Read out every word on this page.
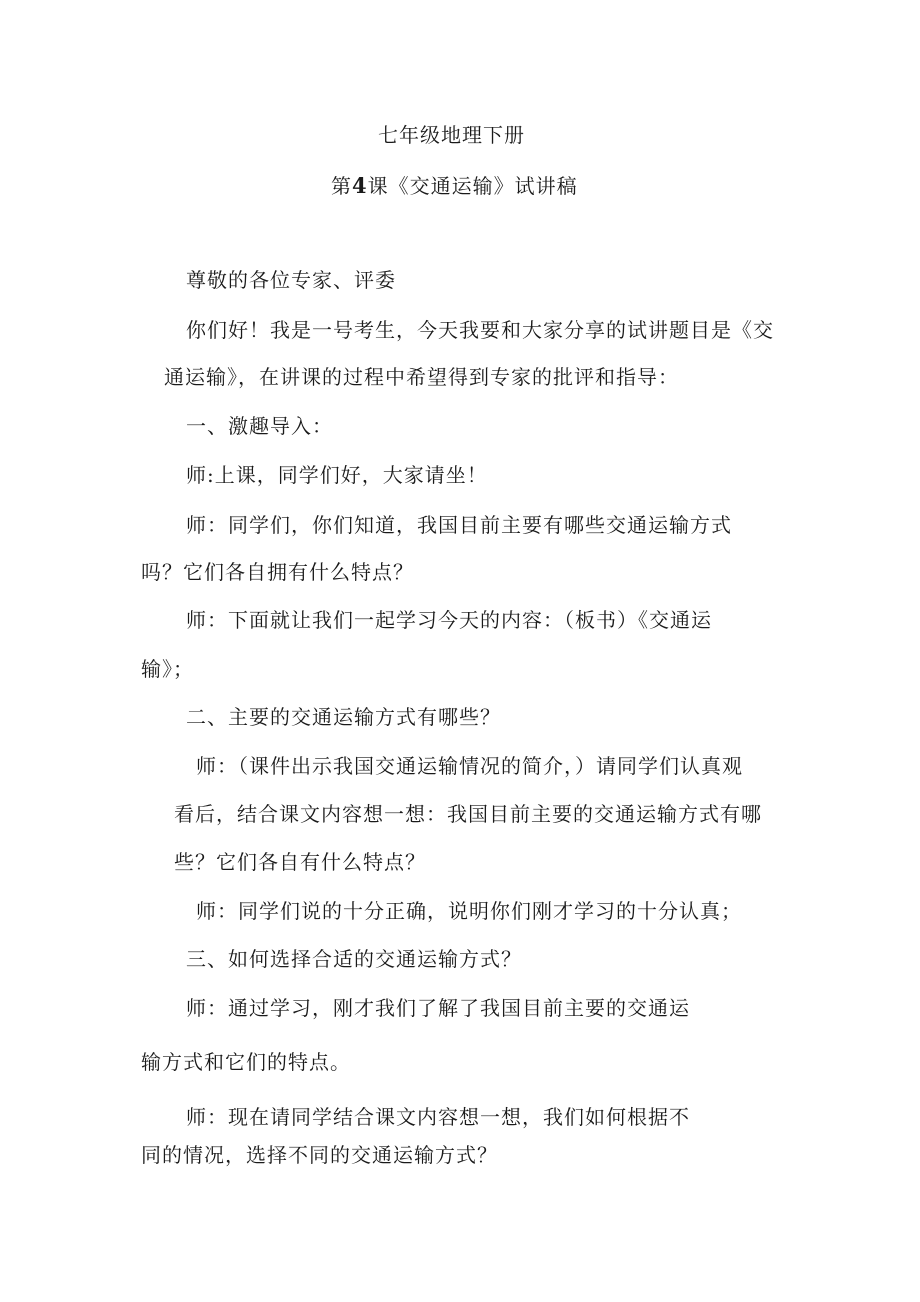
七年级地理下册
第4课《交通运输》试讲稿
尊敬的各位专家、评委
你们好！我是一号考生，今天我要和大家分享的试讲题目是《交
通运输》，在讲课的过程中希望得到专家的批评和指导：
一、激趣导入：
师:上课，同学们好，大家请坐！
师：同学们，你们知道，我国目前主要有哪些交通运输方式
吗？它们各自拥有什么特点？
师：下面就让我们一起学习今天的内容：（板书）《交通运
输》；
二、主要的交通运输方式有哪些？
师：（课件出示我国交通运输情况的简介，）请同学们认真观
看后，结合课文内容想一想：我国目前主要的交通运输方式有哪
些？它们各自有什么特点？
师：同学们说的十分正确，说明你们刚才学习的十分认真；
三、如何选择合适的交通运输方式？
师：通过学习，刚才我们了解了我国目前主要的交通运
输方式和它们的特点。
师：现在请同学结合课文内容想一想，我们如何根据不
同的情况，选择不同的交通运输方式？
